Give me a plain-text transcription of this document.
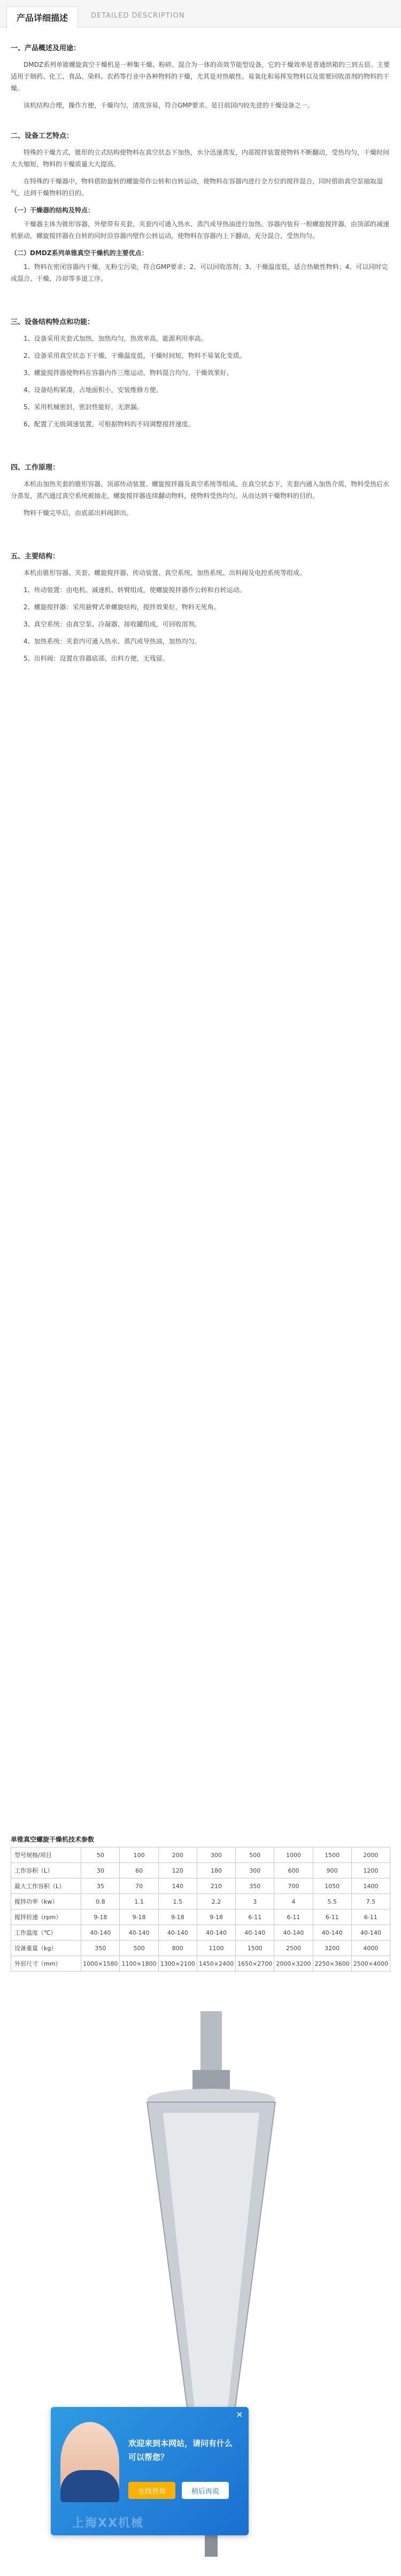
产品详细描述	DETAILED DESCRIPTION
一、产品概述及用途：

DMDZ系列单锥螺旋真空干燥机是一种集干燥、粉碎、混合为一体的高效节能型设备，它的干燥效率是普通烘箱的三到五倍。主要适用于制药、化工、食品、染料、农药等行业中各种物料的干燥，尤其是对热敏性、易氧化和易挥发物料以及需要回收溶剂的物料的干燥。

该机结构合理，操作方便，干燥均匀，清洗容易，符合GMP要求。是目前国内较先进的干燥设备之一。

二、设备工艺特点：

特殊的干燥方式，锥形的立式结构使物料在真空状态下加热，水分迅速蒸发，内部搅拌装置使物料不断翻动，受热均匀，干燥时间大大缩短，物料的干燥质量大大提高。

在特殊的干燥器中，物料借助旋转的螺旋带作公转和自转运动，使物料在容器内进行全方位的搅拌混合，同时借助真空泵抽取湿气，达到干燥物料的目的。

（一）干燥器的结构及特点：

干燥器主体为锥形容器，外壁带有夹套，夹套内可通入热水、蒸汽或导热油进行加热。容器内装有一根螺旋搅拌器，由顶部的减速机驱动，螺旋搅拌器在自转的同时沿容器内壁作公转运动，使物料在容器内上下翻动，充分混合，受热均匀。

（二）DMDZ系列单锥真空干燥机的主要优点：

1、物料在密闭容器内干燥，无粉尘污染，符合GMP要求；2、可以回收溶剂；3、干燥温度低，适合热敏性物料；4、可以同时完成混合、干燥、冷却等多道工序。

三、设备结构特点和功能：

1、设备采用夹套式加热，加热均匀，热效率高，能源利用率高。

2、设备采用真空状态下干燥，干燥温度低，干燥时间短，物料不易氧化变质。

3、螺旋搅拌器使物料在容器内作三维运动，物料混合均匀，干燥效果好。

4、设备结构紧凑，占地面积小，安装维修方便。

5、采用机械密封，密封性能好，无泄漏。

6、配置了无级调速装置，可根据物料的不同调整搅拌速度。

四、工作原理：

本机由加热夹套的锥形容器、顶部传动装置、螺旋搅拌器及真空系统等组成。在真空状态下，夹套内通入加热介质，物料受热后水分蒸发，蒸汽通过真空系统被抽走，螺旋搅拌器连续翻动物料，使物料受热均匀，从而达到干燥物料的目的。

物料干燥完毕后，由底部出料阀卸出。

五、主要结构：

本机由锥形容器、夹套、螺旋搅拌器、传动装置、真空系统、加热系统、出料阀及电控系统等组成。

1、传动装置：由电机、减速机、转臂组成，使螺旋搅拌器作公转和自转运动。

2、螺旋搅拌器：采用悬臂式单螺旋结构，搅拌效果好，物料无死角。

3、真空系统：由真空泵、冷凝器、接收罐组成，可回收溶剂。

4、加热系统：夹套内可通入热水、蒸汽或导热油，加热均匀。

5、出料阀：设置在容器底部，出料方便，无残留。

单锥真空螺旋干燥机技术参数
型号规格/项目	50	100	200	300	500	1000	1500	2000
工作容积（L）	30	60	120	180	300	600	900	1200
最大工作容积（L）	35	70	140	210	350	700	1050	1400
搅拌功率（kw）	0.8	1.1	1.5	2.2	3	4	5.5	7.5
搅拌转速（rpm）	9-18	9-18	9-18	9-18	6-11	6-11	6-11	6-11
工作温度（℃）	40-140	40-140	40-140	40-140	40-140	40-140	40-140	40-140
设备重量（kg）	350	500	800	1100	1500	2500	3200	4000
外形尺寸（mm）	1000×1580	1100×1800	1300×2100	1450×2400	1650×2700	2000×3200	2250×3600	2500×4000
✕
欢迎来到本网站，请问有什么可以帮您？
在线咨询	稍后再说
上海XX机械
